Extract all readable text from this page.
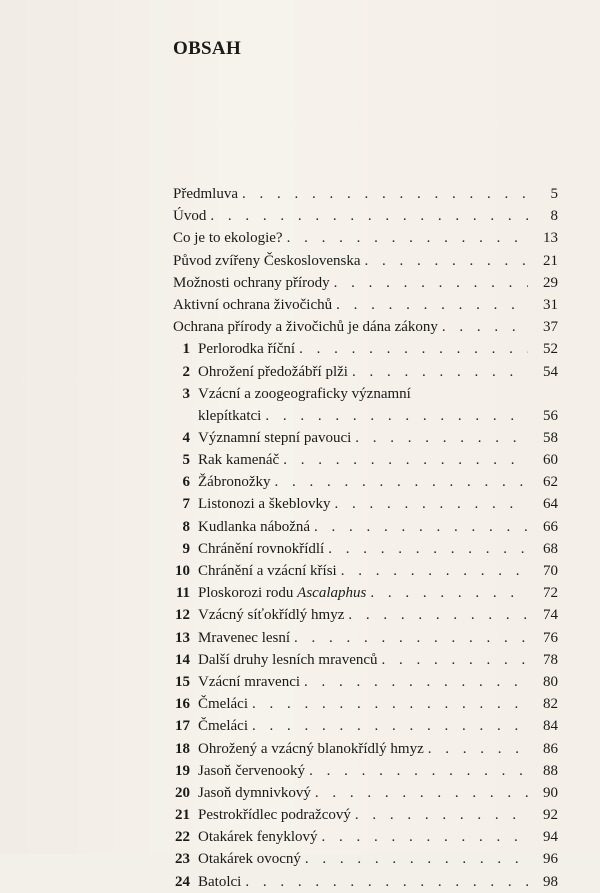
OBSAH
Předmluva . . .	5
Úvod . . .	8
Co je to ekologie? . . .	13
Původ zvířeny Československa . . .	21
Možnosti ochrany přírody . . .	29
Aktivní ochrana živočichů . . .	31
Ochrana přírody a živočichů je dána zákony . . .	37
1 Perlorodka říční . . .	52
2 Ohrožení předožábří plži . . .	54
3 Vzácní a zoogeograficky významní
klepítkatci . . .	56
4 Významní stepní pavouci . . .	58
5 Rak kamenáč . . .	60
6 Žábronožky . . .	62
7 Listonozi a škeblovky . . .	64
8 Kudlanka nábožná . . .	66
9 Chránění rovnokřídlí . . .	68
10 Chránění a vzácní křísi . . .	70
11 Ploskorozi rodu Ascalaphus . . .	72
12 Vzácný síťokřídlý hmyz . . .	74
13 Mravenec lesní . . .	76
14 Další druhy lesních mravenců . . .	78
15 Vzácní mravenci . . .	80
16 Čmeláci . . .	82
17 Čmeláci . . .	84
18 Ohrožený a vzácný blanokřídlý hmyz . . .	86
19 Jasoň červenooký . . .	88
20 Jasoň dymnivkový . . .	90
21 Pestrokřídlec podražcový . . .	92
22 Otakárek fenyklový . . .	94
23 Otakárek ovocný . . .	96
24 Batolci . . .	98
